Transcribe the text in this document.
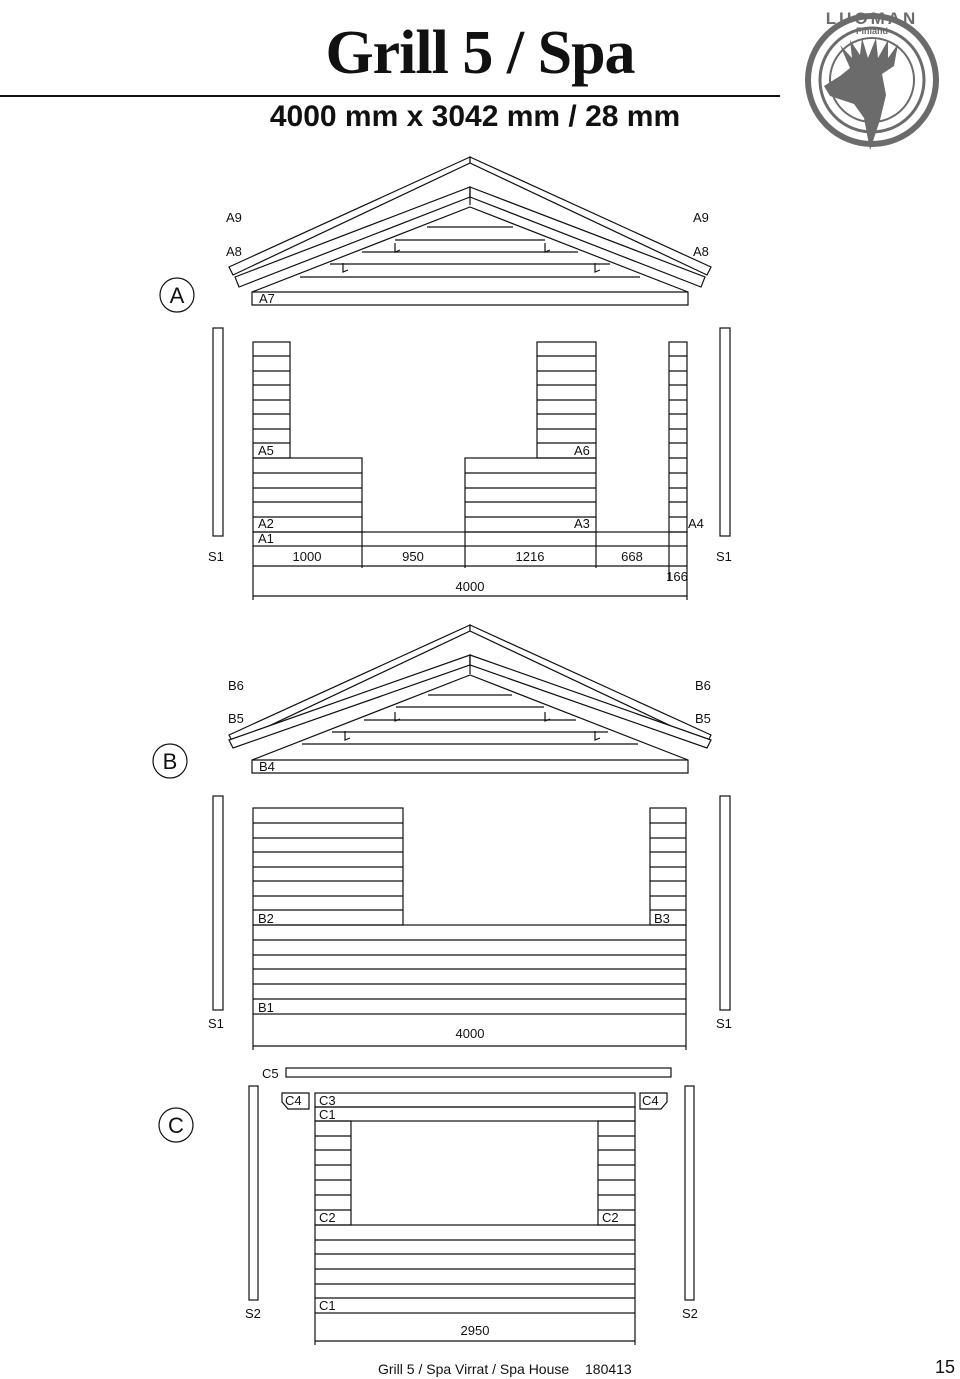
Grill 5 / Spa
4000 mm x 3042 mm / 28 mm
LUOMAN
Finland
A
B
C
A9	A9
A8	A8
A7
A5	A6
A2
A1
A3	A4
S1	S1
1000	950	1216	668
4000
166
B6	B6
B5	B5
B4
B2	B3
B1
S1	S1
4000
C5
C4	C4
C3
C1
C2	C2
C1
S2	S2
2950
Grill 5 / Spa Virrat / Spa House 180413	15
